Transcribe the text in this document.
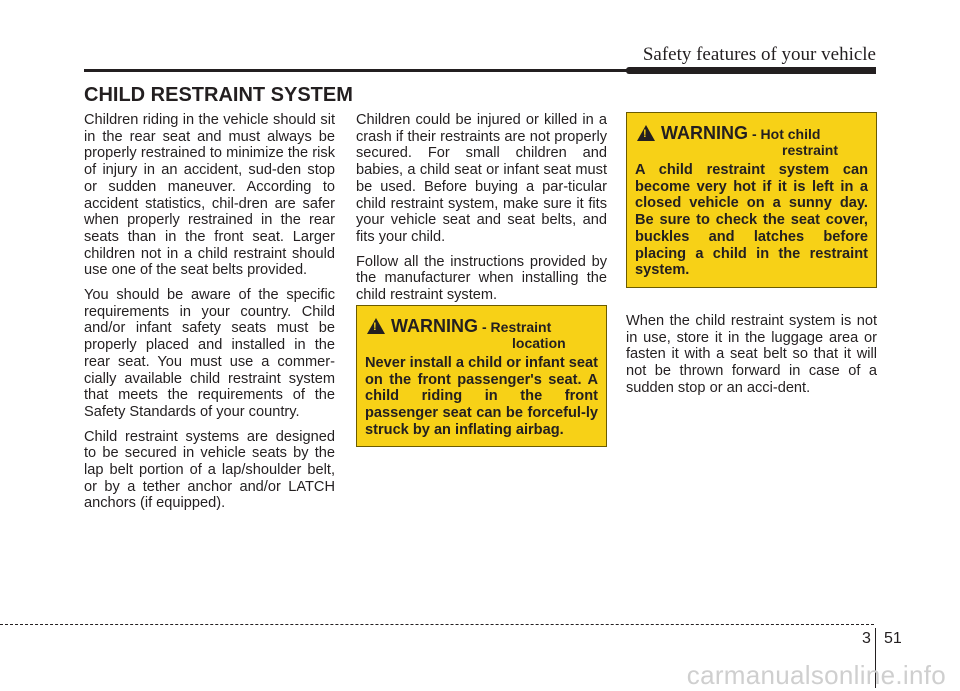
Safety features of your vehicle
CHILD RESTRAINT SYSTEM

Children riding in the vehicle should sit in the rear seat and must always be properly restrained to minimize the risk of injury in an accident, sud-den stop or sudden maneuver. According to accident statistics, chil-dren are safer when properly restrained in the rear seats than in the front seat. Larger children not in a child restraint should use one of the seat belts provided.

You should be aware of the specific requirements in your country. Child and/or infant safety seats must be properly placed and installed in the rear seat. You must use a commer-cially available child restraint system that meets the requirements of the Safety Standards of your country.

Child restraint systems are designed to be secured in vehicle seats by the lap belt portion of a lap/shoulder belt, or by a tether anchor and/or LATCH anchors (if equipped).

Children could be injured or killed in a crash if their restraints are not properly secured. For small children and babies, a child seat or infant seat must be used. Before buying a par-ticular child restraint system, make sure it fits your vehicle seat and seat belts, and fits your child.

Follow all the instructions provided by the manufacturer when installing the child restraint system.

!
WARNING - Restraint
location

Never install a child or infant seat on the front passenger's seat. A child riding in the front passenger seat can be forceful-ly struck by an inflating airbag.

!
WARNING - Hot child
restraint

A child restraint system can become very hot if it is left in a closed vehicle on a sunny day. Be sure to check the seat cover, buckles and latches before placing a child in the restraint system.

When the child restraint system is not in use, store it in the luggage area or fasten it with a seat belt so that it will not be thrown forward in case of a sudden stop or an acci-dent.

3 51
carmanualsonline.info
